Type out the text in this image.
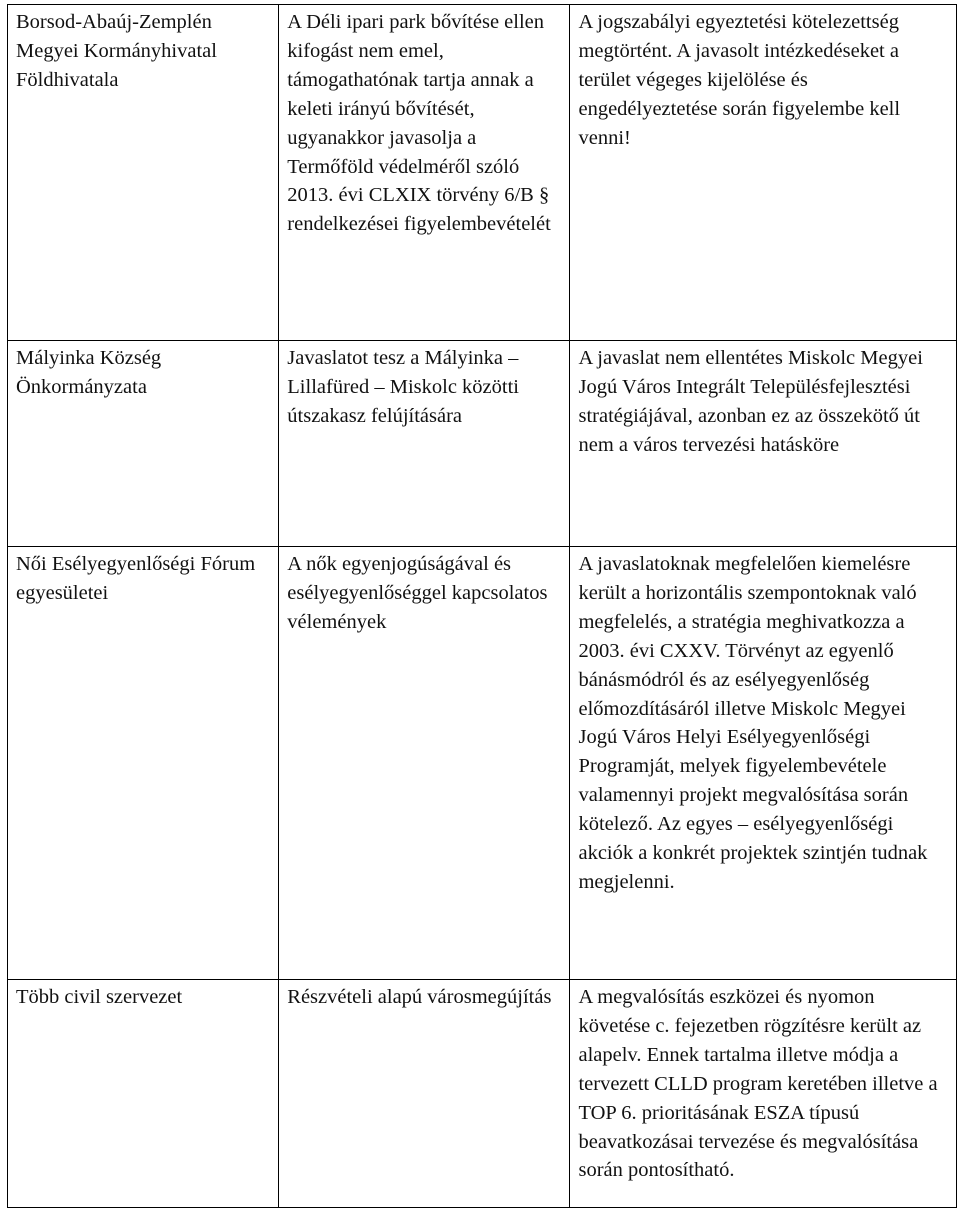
Borsod-Abaúj-Zemplén Megyei Kormányhivatal Földhivatala	A Déli ipari park bővítése ellen kifogást nem emel, támogathatónak tartja annak a keleti irányú bővítését, ugyanakkor javasolja a Termőföld védelméről szóló 2013. évi CLXIX törvény 6/B § rendelkezései figyelembevételét	A jogszabályi egyeztetési kötelezettség megtörtént. A javasolt intézkedéseket a terület végeges kijelölése és engedélyeztetése során figyelembe kell venni!

Mályinka Község Önkormányzata	Javaslatot tesz a Mályinka – Lillafüred – Miskolc közötti útszakasz felújítására	A javaslat nem ellentétes Miskolc Megyei Jogú Város Integrált Településfejlesztési stratégiájával, azonban ez az összekötő út nem a város tervezési hatásköre

Női Esélyegyenlőségi Fórum egyesületei	A nők egyenjogúságával és esélyegyenlőséggel kapcsolatos vélemények	A javaslatoknak megfelelően kiemelésre került a horizontális szempontoknak való megfelelés, a stratégia meghivatkozza a 2003. évi CXXV. Törvényt az egyenlő bánásmódról és az esélyegyenlőség előmozdításáról illetve Miskolc Megyei Jogú Város Helyi Esélyegyenlőségi Programját, melyek figyelembevétele valamennyi projekt megvalósítása során kötelező. Az egyes – esélyegyenlőségi akciók a konkrét projektek szintjén tudnak megjelenni.

Több civil szervezet	Részvételi alapú városmegújítás	A megvalósítás eszközei és nyomon követése c. fejezetben rögzítésre került az alapelv. Ennek tartalma illetve módja a tervezett CLLD program keretében illetve a TOP 6. prioritásának ESZA típusú beavatkozásai tervezése és megvalósítása során pontosítható.
